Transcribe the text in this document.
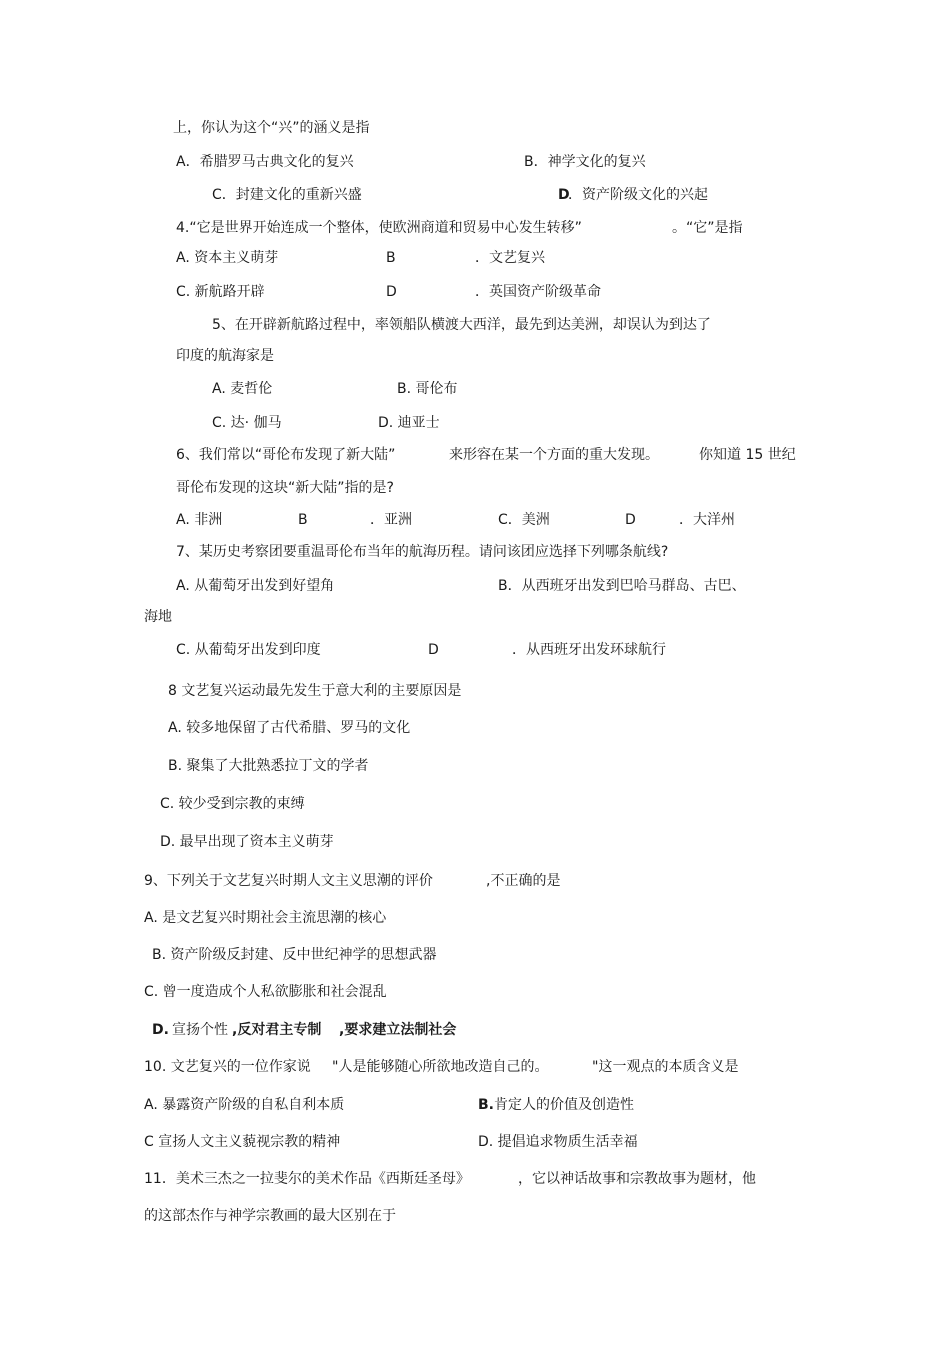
上，你认为这个“兴”的涵义是指
A．希腊罗马古典文化的复兴	B．神学文化的复兴
C．封建文化的重新兴盛	D
．资产阶级文化的兴起
4.“它是世界开始连成一个整体，使欧洲商道和贸易中心发生转移”	。“它”是指
A. 资本主义萌芽	B	．文艺复兴
C. 新航路开辟	D	．英国资产阶级革命
5、在开辟新航路过程中，率领船队横渡大西洋，最先到达美洲，却误认为到达了
印度的航海家是
A. 麦哲伦	B. 哥伦布
C. 达· 伽马	D. 迪亚士
6、我们常以“哥伦布发现了新大陆”	来形容在某一个方面的重大发现。	你知道 15 世纪
哥伦布发现的这块“新大陆”指的是?
A. 非洲	B	．亚洲	C．美洲	D	．大洋州
7、某历史考察团要重温哥伦布当年的航海历程。请问该团应选择下列哪条航线?
A. 从葡萄牙出发到好望角	B．从西班牙出发到巴哈马群岛、古巴、
海地
C. 从葡萄牙出发到印度	D	．从西班牙出发环球航行
8 文艺复兴运动最先发生于意大利的主要原因是
A. 较多地保留了古代希腊、罗马的文化
B. 聚集了大批熟悉拉丁文的学者
C. 较少受到宗教的束缚
D. 最早出现了资本主义萌芽
9、下列关于文艺复兴时期人文主义思潮的评价	,不正确的是
A. 是文艺复兴时期社会主流思潮的核心
B. 资产阶级反封建、反中世纪神学的思想武器
C. 曾一度造成个人私欲膨胀和社会混乱
D. 宣扬个性 ,反对君主专制 ,要求建立法制社会
10. 文艺复兴的一位作家说 "人是能够随心所欲地改造自己的。	"这一观点的本质含义是
A. 暴露资产阶级的自私自利本质	B. 肯定人的价值及创造性
C 宣扬人文主义藐视宗教的精神	D. 提倡追求物质生活幸福
11．美术三杰之一拉斐尔的美术作品《西斯廷圣母》	，它以神话故事和宗教故事为题材，他
的这部杰作与神学宗教画的最大区别在于
